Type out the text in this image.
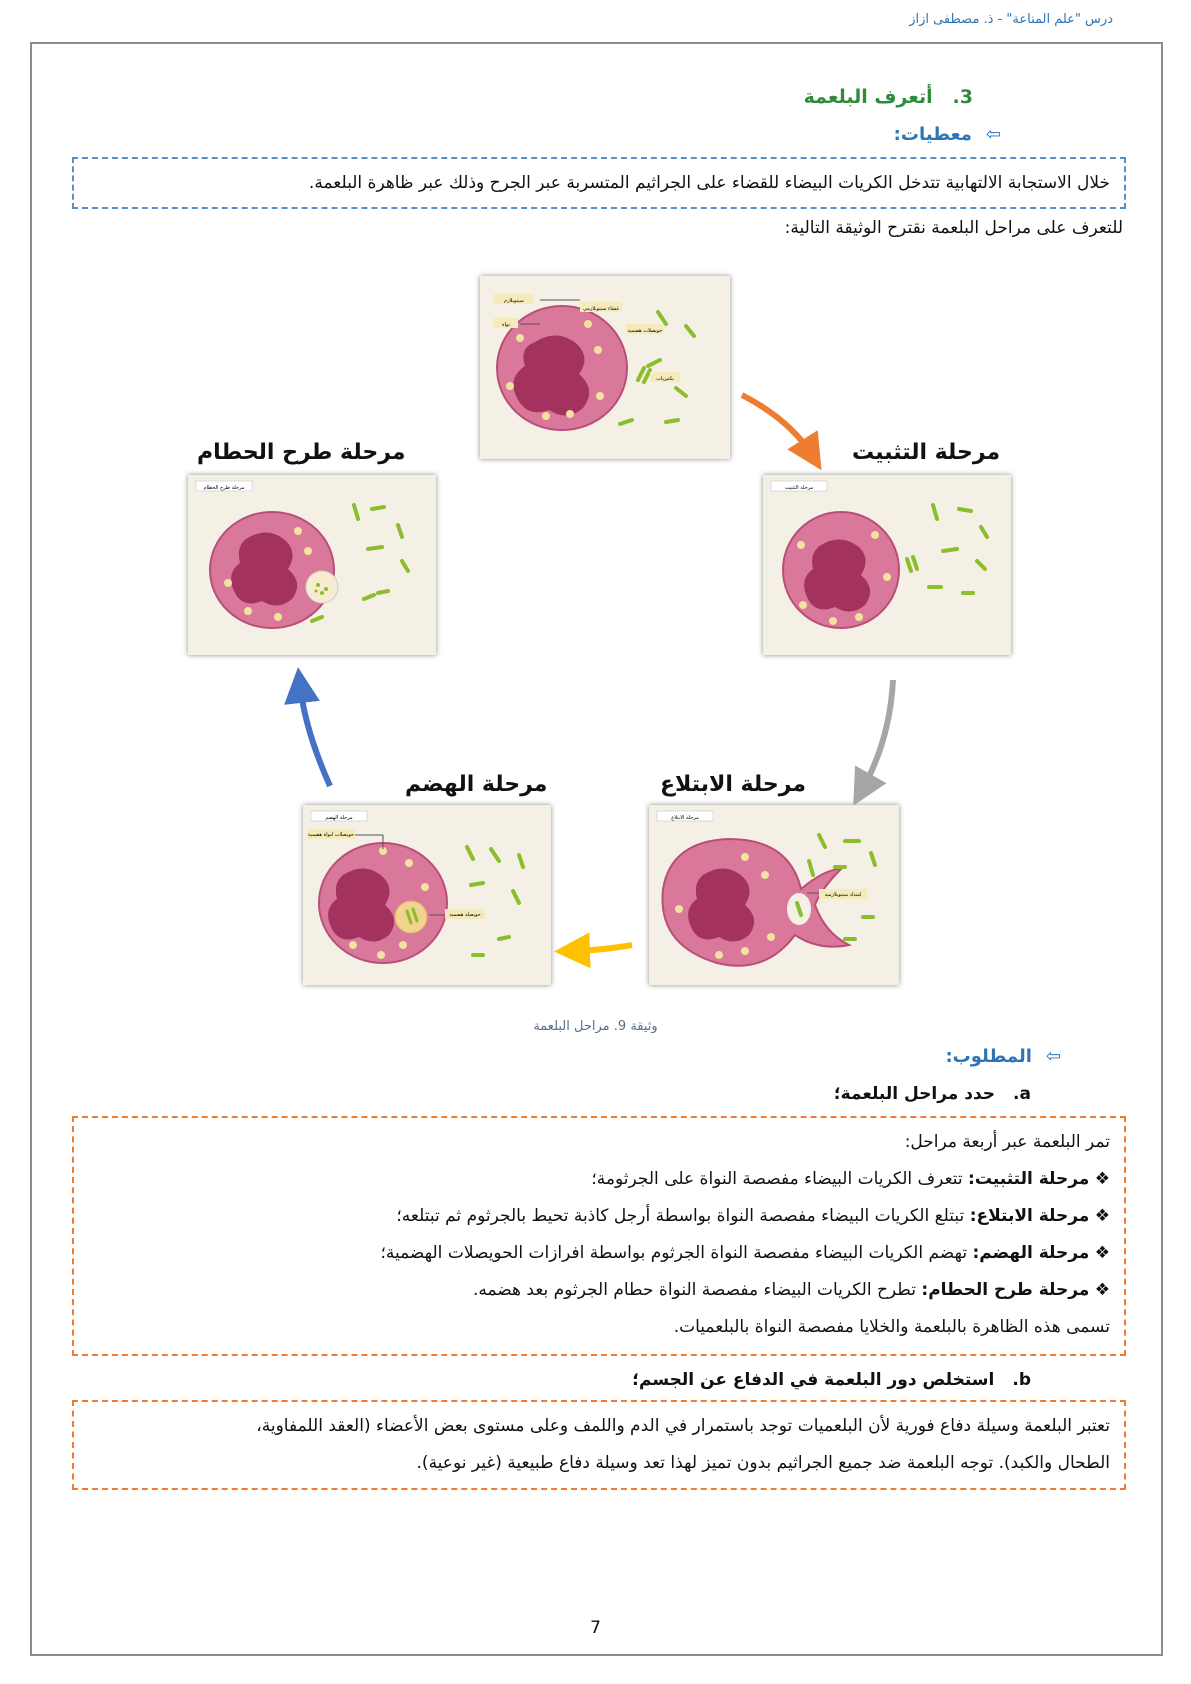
درس "علم المناعة" - ذ. مصطفى ازاز
3.   أتعرف البلعمة
⇦معطيات:
خلال الاستجابة الالتهابية تتدخل الكريات البيضاء للقضاء على الجراثيم المتسربة عبر الجرح وذلك عبر ظاهرة البلعمة.
للتعرف على مراحل البلعمة نقترح الوثيقة التالية:
غشاء سيتوبلازمي
سيتوبلازم
نواة
حويصلات هضمية
بكتيريات
مرحلة التثبيت
مرحلة التثبيت
مرحلة طرح الحطام
مرحلة طرح الحطام
مرحلة الابتلاع
مرحلة الابتلاع
امتداد سيتوبلازمية
مرحلة الهضم
مرحلة الهضم
حويصلات لنواة هضمية
حويصلة هضمية
وثيقة 9. مراحل البلعمة
⇦المطلوب:
a.حدد مراحل البلعمة؛

تمر البلعمة عبر أربعة مراحل:

❖ مرحلة التثبيت: تتعرف الكريات البيضاء مفصصة النواة على الجرثومة؛

❖ مرحلة الابتلاع: تبتلع الكريات البيضاء مفصصة النواة بواسطة أرجل كاذبة تحيط بالجرثوم ثم تبتلعه؛

❖ مرحلة الهضم: تهضم الكريات البيضاء مفصصة النواة الجرثوم بواسطة افرازات الحويصلات الهضمية؛

❖ مرحلة طرح الحطام: تطرح الكريات البيضاء مفصصة النواة حطام الجرثوم بعد هضمه.

تسمى هذه الظاهرة بالبلعمة والخلايا مفصصة النواة بالبلعميات.

b.استخلص دور البلعمة في الدفاع عن الجسم؛

تعتبر البلعمة وسيلة دفاع فورية لأن البلعميات توجد باستمرار في الدم واللمف وعلى مستوى بعض الأعضاء (العقد اللمفاوية،

الطحال والكبد). توجه البلعمة ضد جميع الجراثيم بدون تميز لهذا تعد وسيلة دفاع طبيعية (غير نوعية).

7
